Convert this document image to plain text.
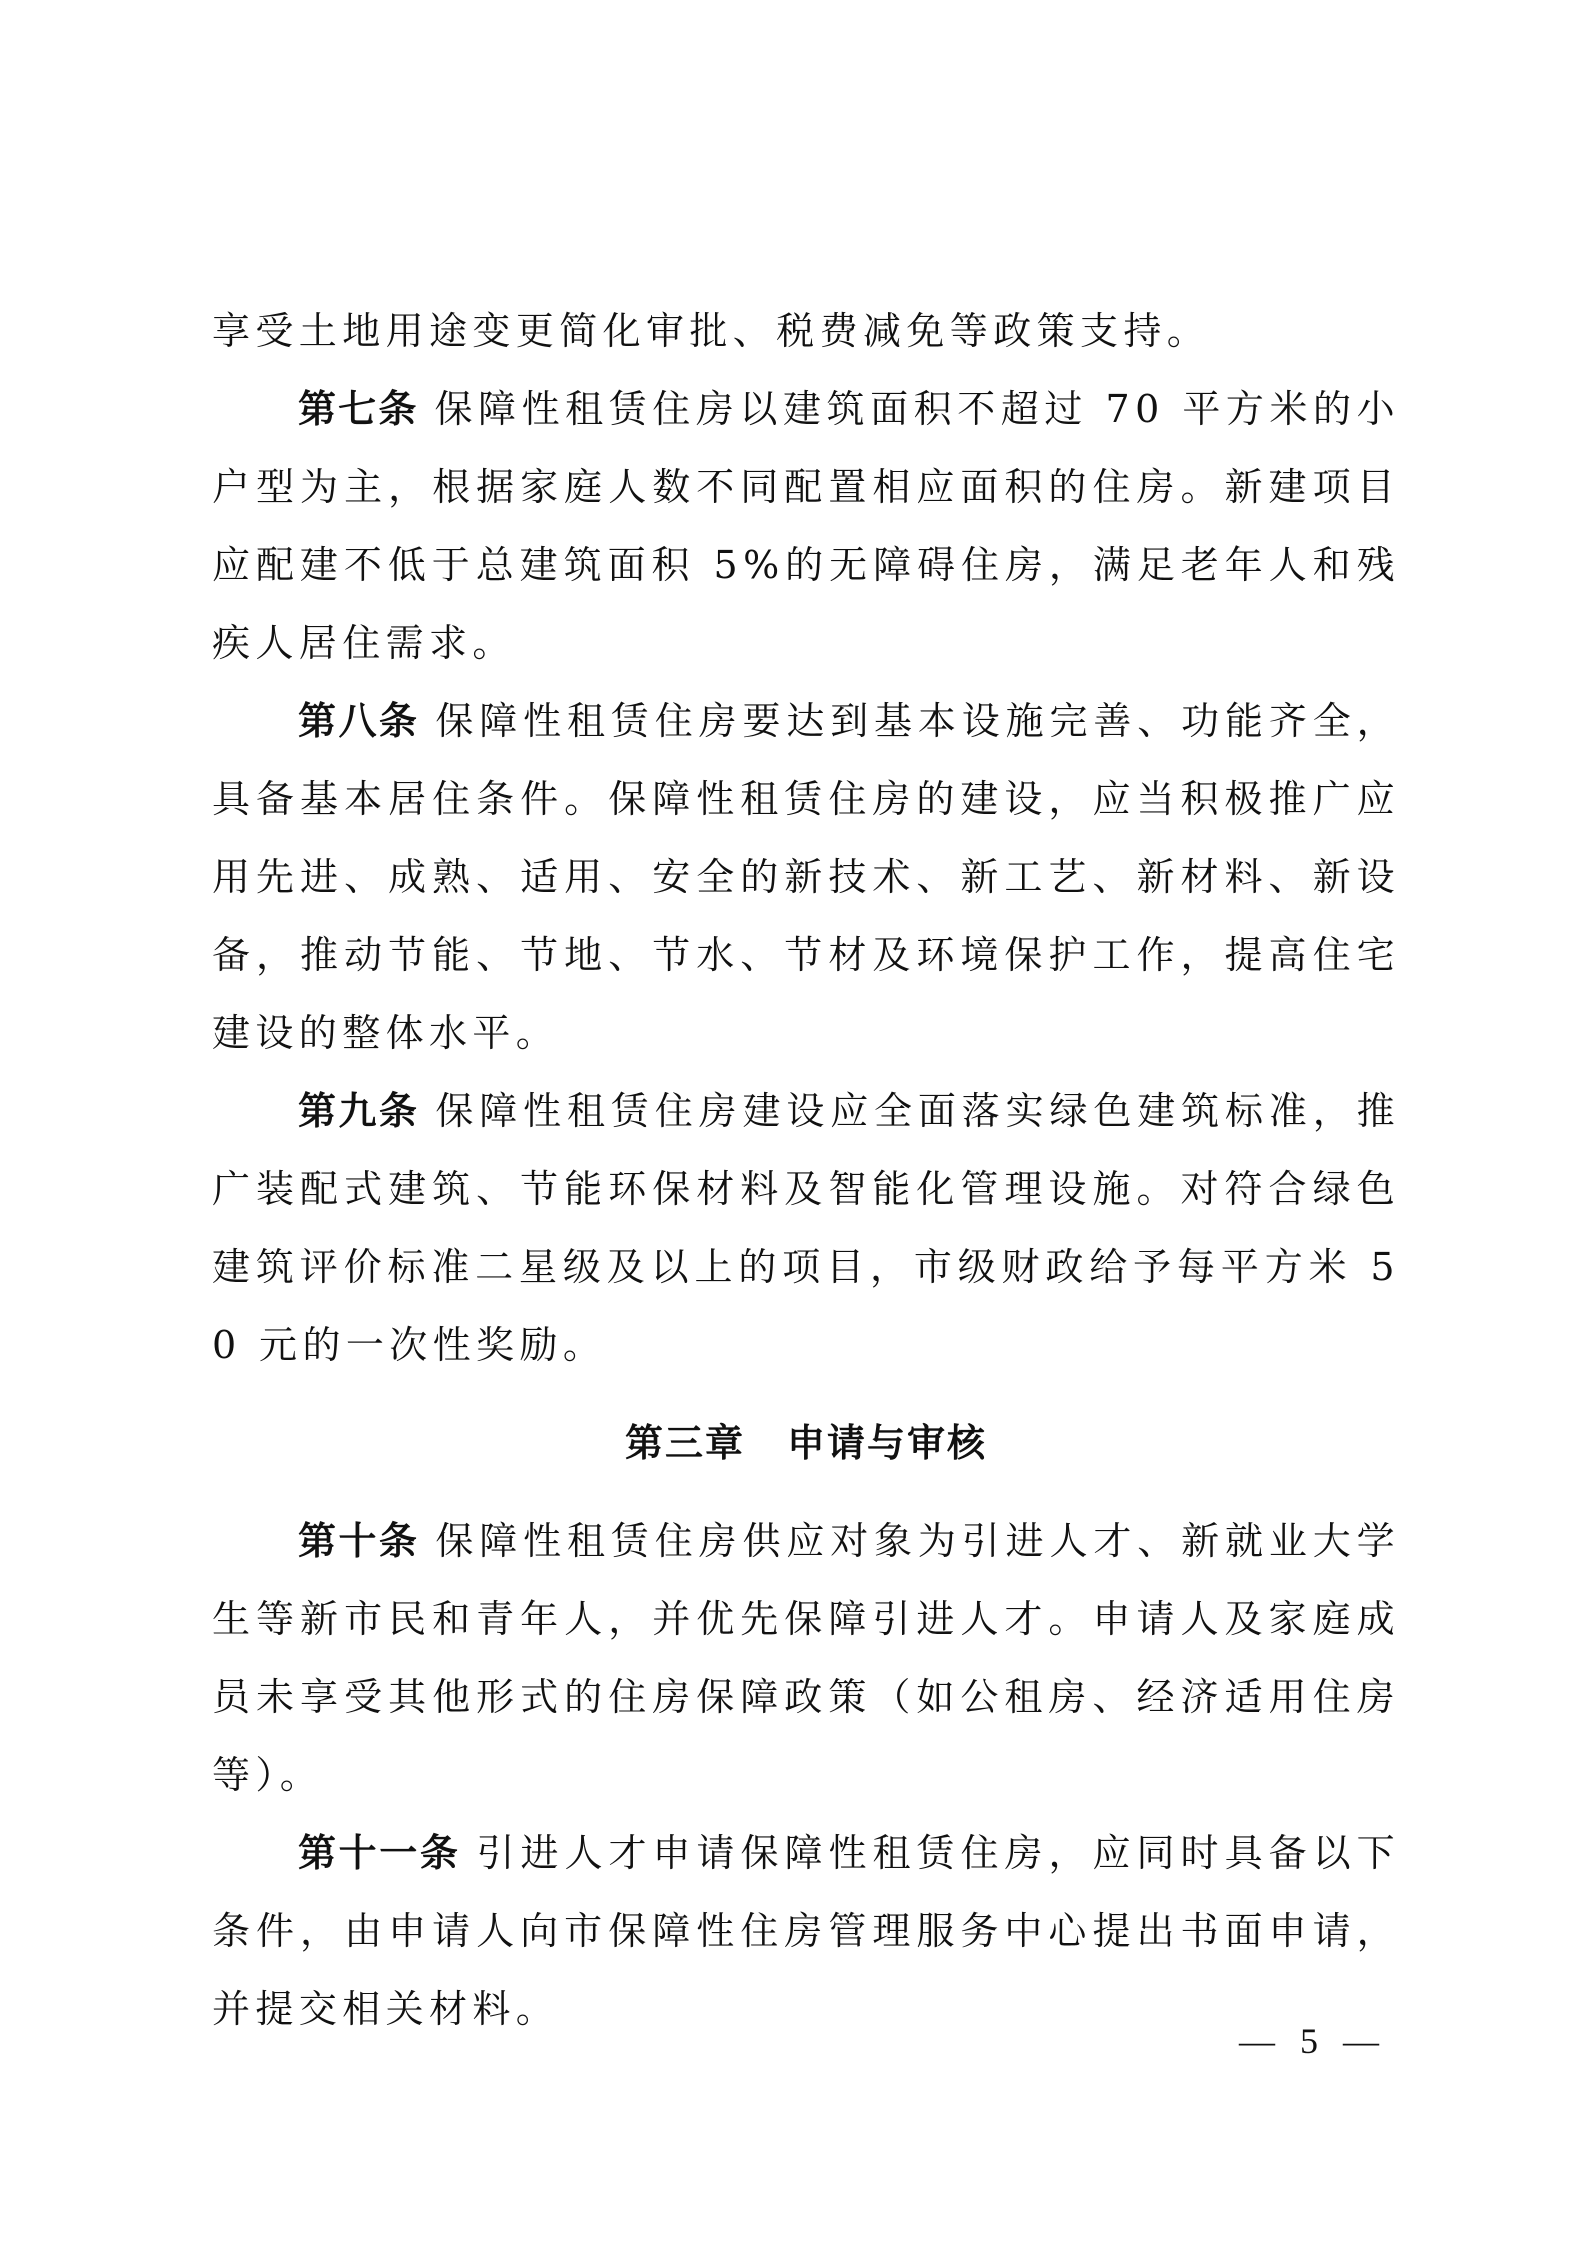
享受土地用途变更简化审批、税费减免等政策支持。

第七条 保障性租赁住房以建筑面积不超过 70 平方米的小户型为主，根据家庭人数不同配置相应面积的住房。新建项目应配建不低于总建筑面积 5%的无障碍住房，满足老年人和残疾人居住需求。

第八条 保障性租赁住房要达到基本设施完善、功能齐全，具备基本居住条件。保障性租赁住房的建设，应当积极推广应用先进、成熟、适用、安全的新技术、新工艺、新材料、新设备，推动节能、节地、节水、节材及环境保护工作，提高住宅建设的整体水平。

第九条 保障性租赁住房建设应全面落实绿色建筑标准，推广装配式建筑、节能环保材料及智能化管理设施。对符合绿色建筑评价标准二星级及以上的项目，市级财政给予每平方米 50 元的一次性奖励。

第三章 申请与审核

第十条 保障性租赁住房供应对象为引进人才、新就业大学生等新市民和青年人，并优先保障引进人才。申请人及家庭成员未享受其他形式的住房保障政策（如公租房、经济适用住房等）。

第十一条 引进人才申请保障性租赁住房，应同时具备以下条件，由申请人向市保障性住房管理服务中心提出书面申请，并提交相关材料。

— 5 —
